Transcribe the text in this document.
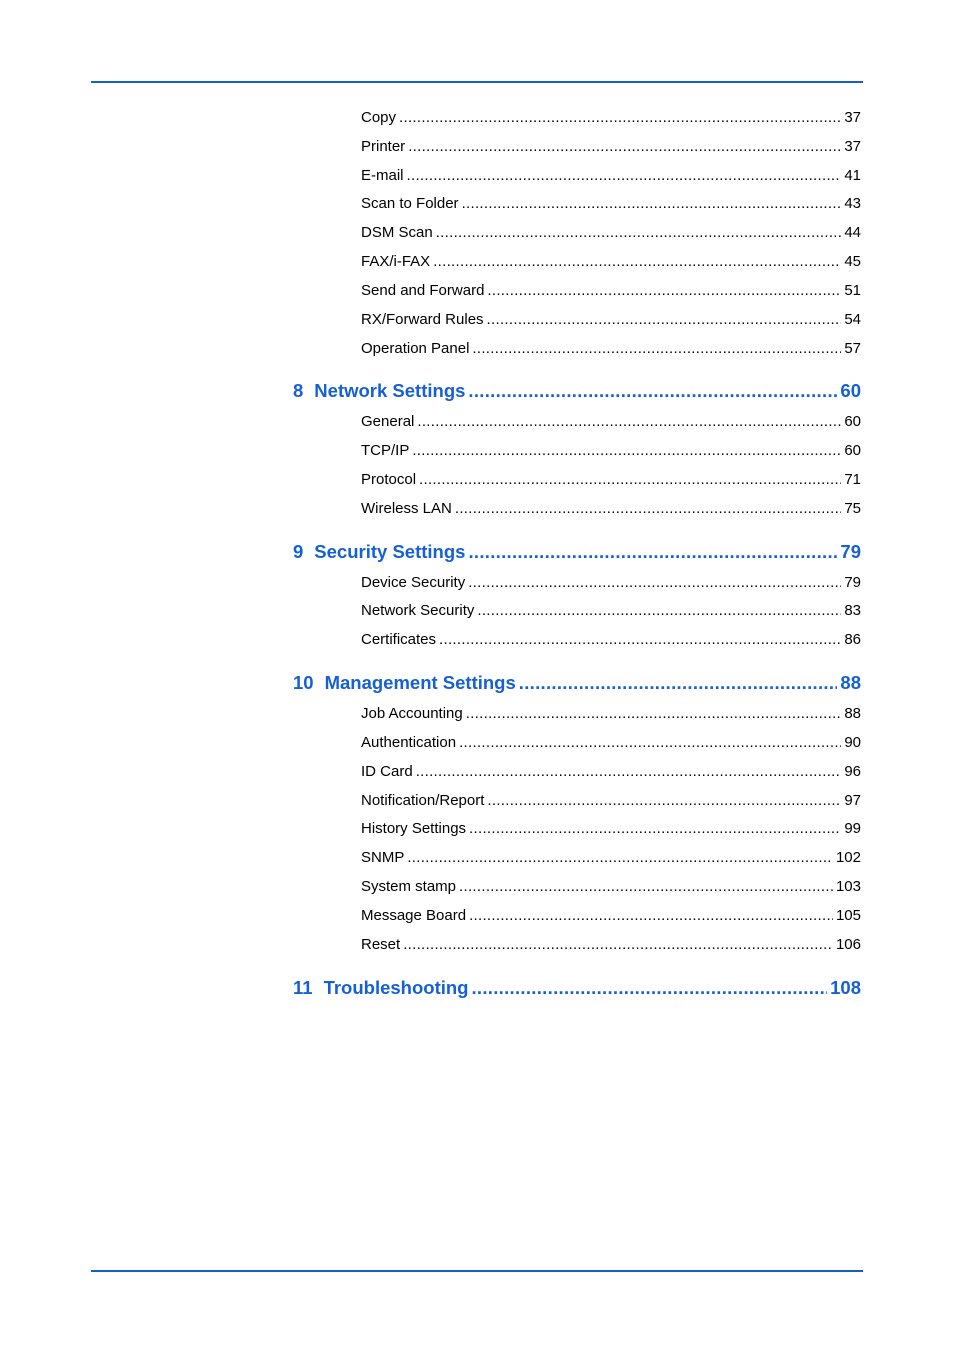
Copy .....	37
Printer .....	37
E-mail .....	41
Scan to Folder .....	43
DSM Scan .....	44
FAX/i-FAX .....	45
Send and Forward .....	51
RX/Forward Rules .....	54
Operation Panel .....	57
8 Network Settings .....	60
General .....	60
TCP/IP .....	60
Protocol .....	71
Wireless LAN .....	75
9 Security Settings .....	79
Device Security .....	79
Network Security .....	83
Certificates .....	86
10 Management Settings .....	88
Job Accounting .....	88
Authentication .....	90
ID Card .....	96
Notification/Report .....	97
History Settings .....	99
SNMP .....	102
System stamp .....	103
Message Board .....	105
Reset .....	106
11 Troubleshooting .....	108
